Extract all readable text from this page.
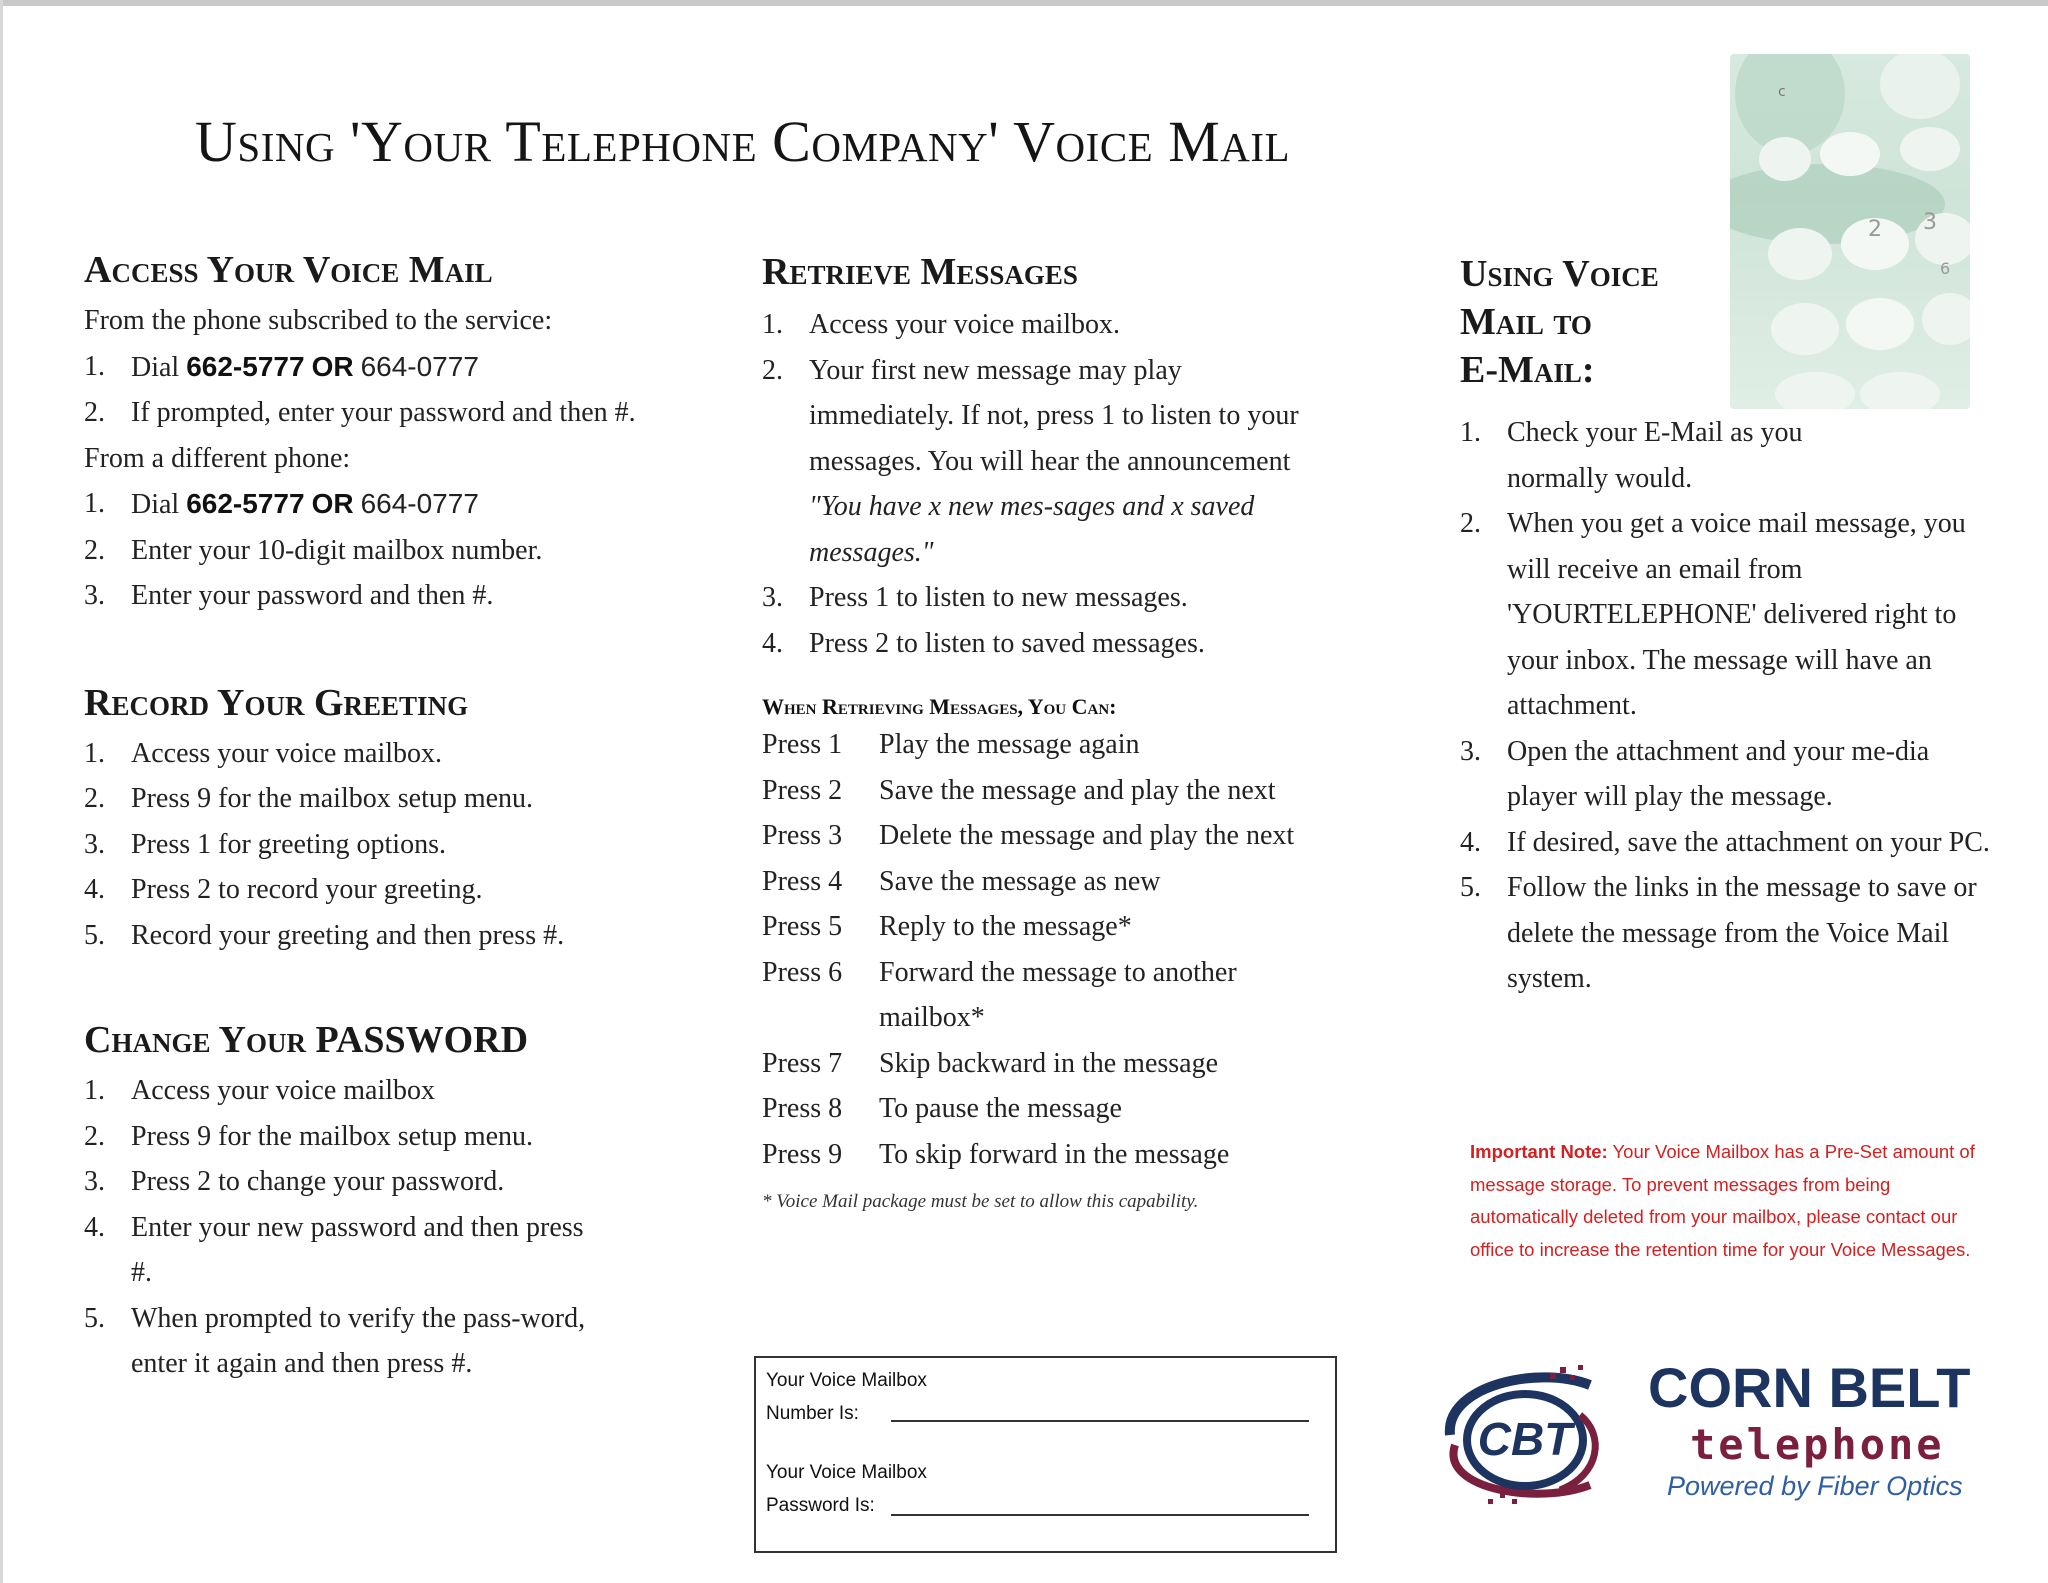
Using 'Your Telephone Company' Voice Mail
c
2 3
6
Access Your Voice Mail

From the phone subscribed to the service:

1. Dial 662-5777 OR 664-0777
2. If prompted, enter your password and then #.

From a different phone:

1. Dial 662-5777 OR 664-0777
2. Enter your 10-digit mailbox number.
3. Enter your password and then #.
Record Your Greeting
1. Access your voice mailbox.
2. Press 9 for the mailbox setup menu.
3. Press 1 for greeting options.
4. Press 2 to record your greeting.
5. Record your greeting and then press #.
Change Your PASSWORD
1. Access your voice mailbox
2. Press 9 for the mailbox setup menu.
3. Press 2 to change your password.
4. Enter your new password and then press #.
5. When prompted to verify the pass-word, enter it again and then press #.
Retrieve Messages
1. Access your voice mailbox.
2. Your first new message may play immediately. If not, press 1 to listen to your messages. You will hear the announcement "You have x new mes-sages and x saved messages."
3. Press 1 to listen to new messages.
4. Press 2 to listen to saved messages.

When Retrieving Messages, You Can:

Press 1	Play the message again
Press 2	Save the message and play the next
Press 3	Delete the message and play the next
Press 4	Save the message as new
Press 5	Reply to the message*
Press 6	Forward the message to another mailbox*
Press 7	Skip backward in the message
Press 8	To pause the message
Press 9	To skip forward in the message
* Voice Mail package must be set to allow this capability.
Your Voice Mailbox
Number Is:
Your Voice Mailbox
Password Is:
Using Voice
Mail to
E-Mail:
1. Check your E-Mail as you normally would.
2. When you get a voice mail message, you will receive an email from 'YOURTELEPHONE' delivered right to your inbox. The message will have an attachment.
3. Open the attachment and your me-dia player will play the message.
4. If desired, save the attachment on your PC.
5. Follow the links in the message to save or delete the message from the Voice Mail system.
Important Note: Your Voice Mailbox has a Pre-Set amount of message storage. To prevent messages from being automatically deleted from your mailbox, please contact our office to increase the retention time for your Voice Messages.
CBT
CORN BELT
telephone
Powered by Fiber Optics
